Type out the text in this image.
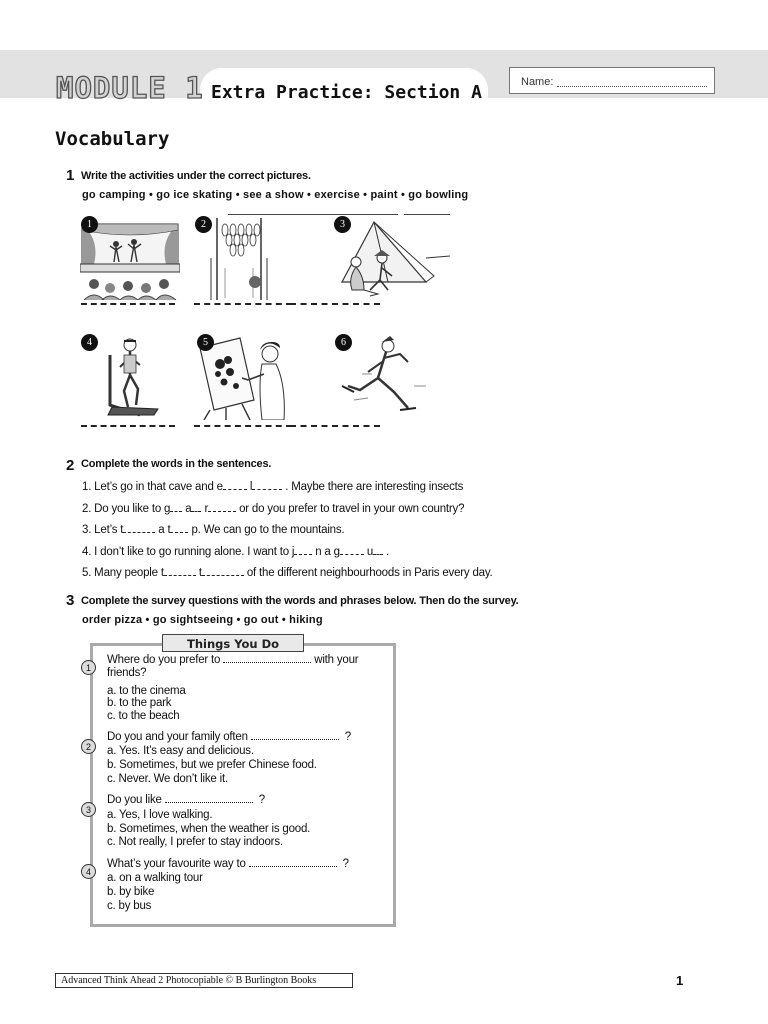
MODULE 1 Extra Practice: Section A	Name:
Vocabulary
1 Write the activities under the correct pictures.
go camping • go ice skating • see a show • exercise • paint • go bowling
1	2	3
4	5	6
2 Complete the words in the sentences.
1. Let’s go in that cave and e l	. Maybe there are interesting insects
2. Do you like to g a r or do you prefer to travel in your own country?
3. Let’s t	a t p. We can go to the mountains.
4. I don’t like to go running alone. I want to j n a g u .
5. Many people t	t	of the different neighbourhoods in Paris every day.
3 Complete the survey questions with the words and phrases below. Then do the survey.
order pizza • go sightseeing • go out • hiking
Things You Do
1
Where do you prefer to	with your
friends?
a. to the cinema
b. to the park
c. to the beach
2
Do you and your family often	?
a. Yes. It’s easy and delicious.
b. Sometimes, but we prefer Chinese food.
c. Never. We don’t like it.
3
Do you like	?
a. Yes, I love walking.
b. Sometimes, when the weather is good.
c. Not really, I prefer to stay indoors.
4
What’s your favourite way to	?
a. on a walking tour
b. by bike
c. by bus
Advanced Think Ahead 2 Photocopiable © B Burlington Books	1
